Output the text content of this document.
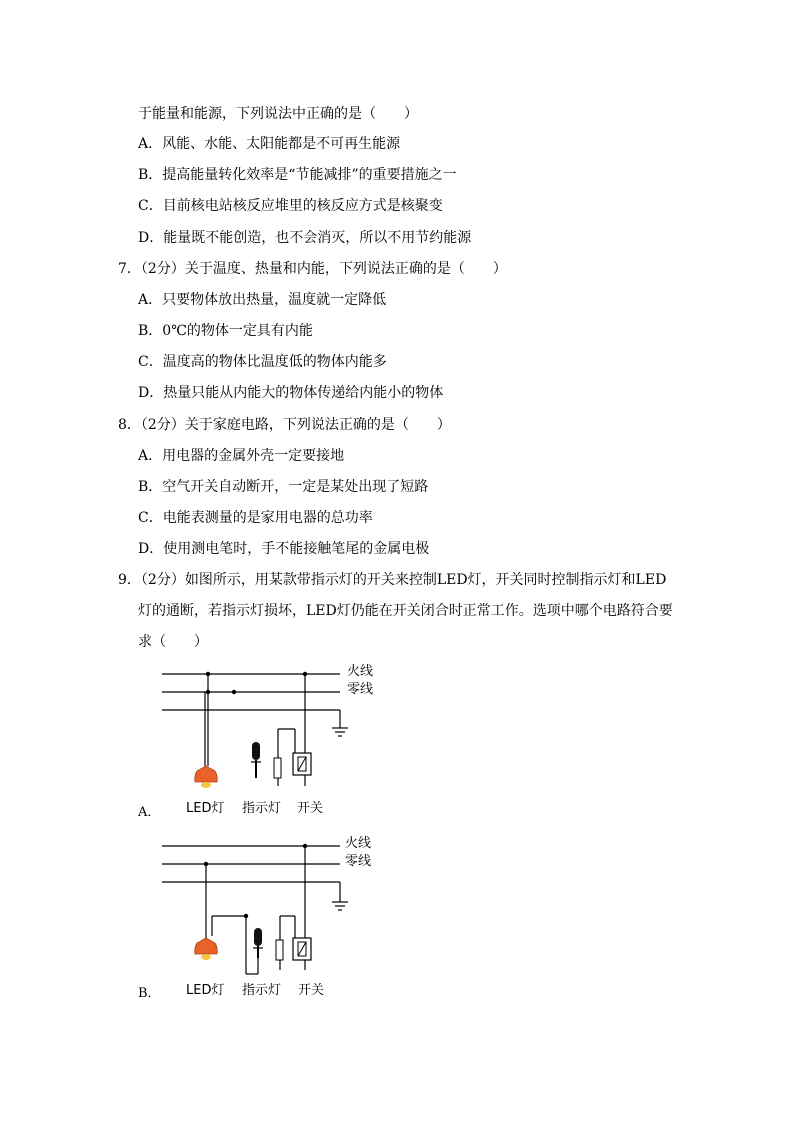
于能量和能源，下列说法中正确的是（　　）
A．风能、水能、太阳能都是不可再生能源
B．提高能量转化效率是“节能减排”的重要措施之一
C．目前核电站核反应堆里的核反应方式是核聚变
D．能量既不能创造，也不会消灭，所以不用节约能源
7．（2分）关于温度、热量和内能，下列说法正确的是（　　）
A．只要物体放出热量，温度就一定降低
B．0℃的物体一定具有内能
C．温度高的物体比温度低的物体内能多
D．热量只能从内能大的物体传递给内能小的物体
8．（2分）关于家庭电路，下列说法正确的是（　　）
A．用电器的金属外壳一定要接地
B．空气开关自动断开，一定是某处出现了短路
C．电能表测量的是家用电器的总功率
D．使用测电笔时，手不能接触笔尾的金属电极
9．（2分）如图所示，用某款带指示灯的开关来控制LED灯，开关同时控制指示灯和LED
灯的通断，若指示灯损坏，LED灯仍能在开关闭合时正常工作。选项中哪个电路符合要
求（　　）
火线
零线
LED灯 指示灯 开关
A．
火线
零线
LED灯 指示灯 开关
B．
